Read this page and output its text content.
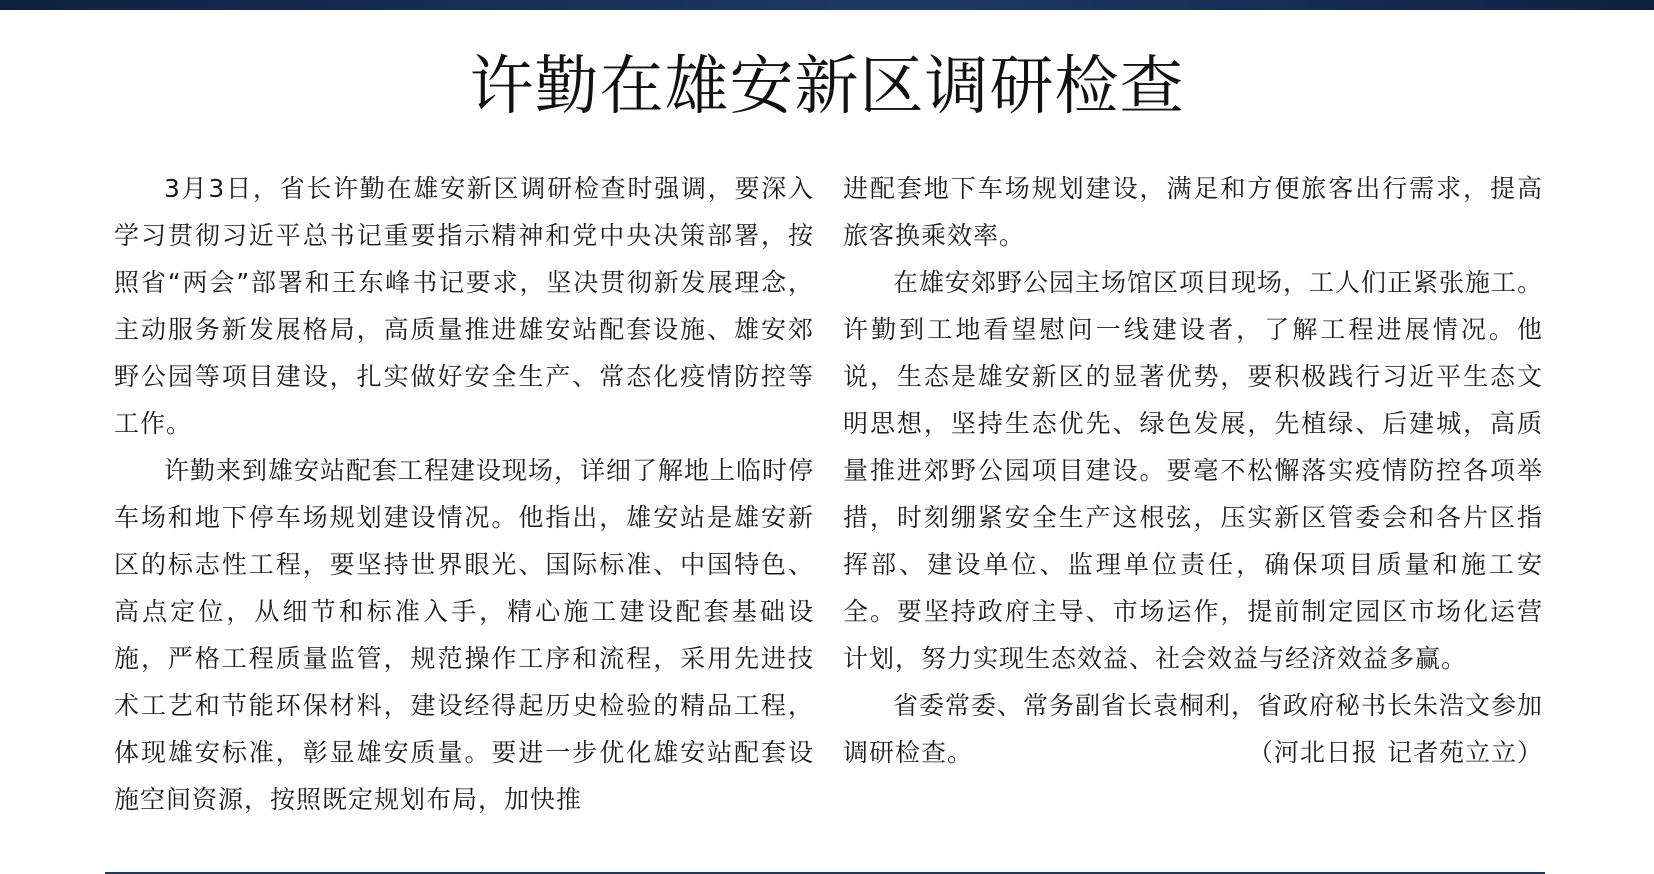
许勤在雄安新区调研检查

3月3日，省长许勤在雄安新区调研检查时强调，要深入学习贯彻习近平总书记重要指示精神和党中央决策部署，按照省“两会”部署和王东峰书记要求，坚决贯彻新发展理念，主动服务新发展格局，高质量推进雄安站配套设施、雄安郊野公园等项目建设，扎实做好安全生产、常态化疫情防控等工作。

许勤来到雄安站配套工程建设现场，详细了解地上临时停车场和地下停车场规划建设情况。他指出，雄安站是雄安新区的标志性工程，要坚持世界眼光、国际标准、中国特色、高点定位，从细节和标准入手，精心施工建设配套基础设施，严格工程质量监管，规范操作工序和流程，采用先进技术工艺和节能环保材料，建设经得起历史检验的精品工程，体现雄安标准，彰显雄安质量。要进一步优化雄安站配套设施空间资源，按照既定规划布局，加快推

进配套地下车场规划建设，满足和方便旅客出行需求，提高旅客换乘效率。

在雄安郊野公园主场馆区项目现场，工人们正紧张施工。许勤到工地看望慰问一线建设者，了解工程进展情况。他说，生态是雄安新区的显著优势，要积极践行习近平生态文明思想，坚持生态优先、绿色发展，先植绿、后建城，高质量推进郊野公园项目建设。要毫不松懈落实疫情防控各项举措，时刻绷紧安全生产这根弦，压实新区管委会和各片区指挥部、建设单位、监理单位责任，确保项目质量和施工安全。要坚持政府主导、市场运作，提前制定园区市场化运营计划，努力实现生态效益、社会效益与经济效益多赢。

省委常委、常务副省长袁桐利，省政府秘书长朱浩文参加调研检查。	（河北日报 记者苑立立）
